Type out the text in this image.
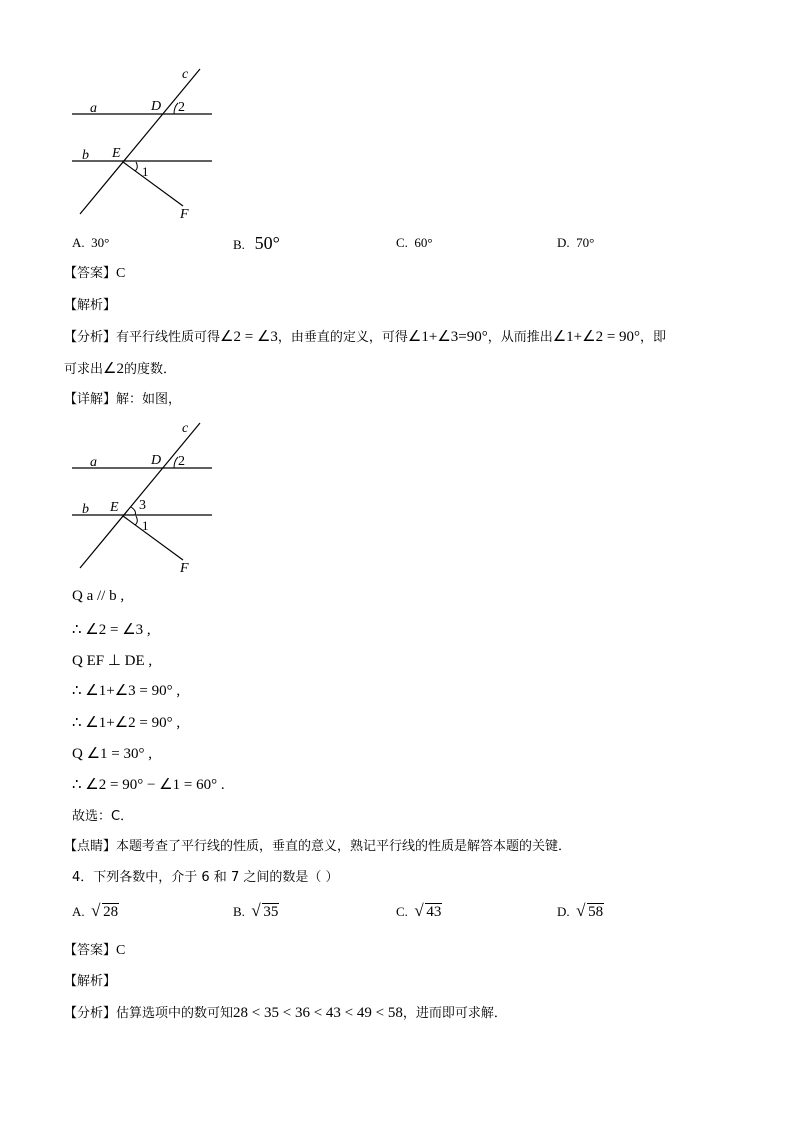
a
b
c
D
E
F
1
2
A. 30°	B. 50°	C. 60°	D. 70°
【答案】C
【解析】
【分析】有平行线性质可得∠2 = ∠3，由垂直的定义，可得∠1+∠3=90°，从而推出∠1+∠2 = 90°，即
可求出∠2的度数．
【详解】解：如图，
a
b
c
D
E
F
1
3
2
Q a // b ,
∴ ∠2 = ∠3 ,
Q EF ⊥ DE ,
∴ ∠1+∠3 = 90° ,
∴ ∠1+∠2 = 90° ,
Q ∠1 = 30° ,
∴ ∠2 = 90° − ∠1 = 60° .
故选：C．
【点睛】本题考查了平行线的性质，垂直的意义，熟记平行线的性质是解答本题的关键．
4．下列各数中，介于 6 和 7 之间的数是（ ）
A. √ 28	B. √ 35	C. √ 43	D. √ 58
【答案】C
【解析】
【分析】估算选项中的数可知28 < 35 < 36 < 43 < 49 < 58，进而即可求解．
